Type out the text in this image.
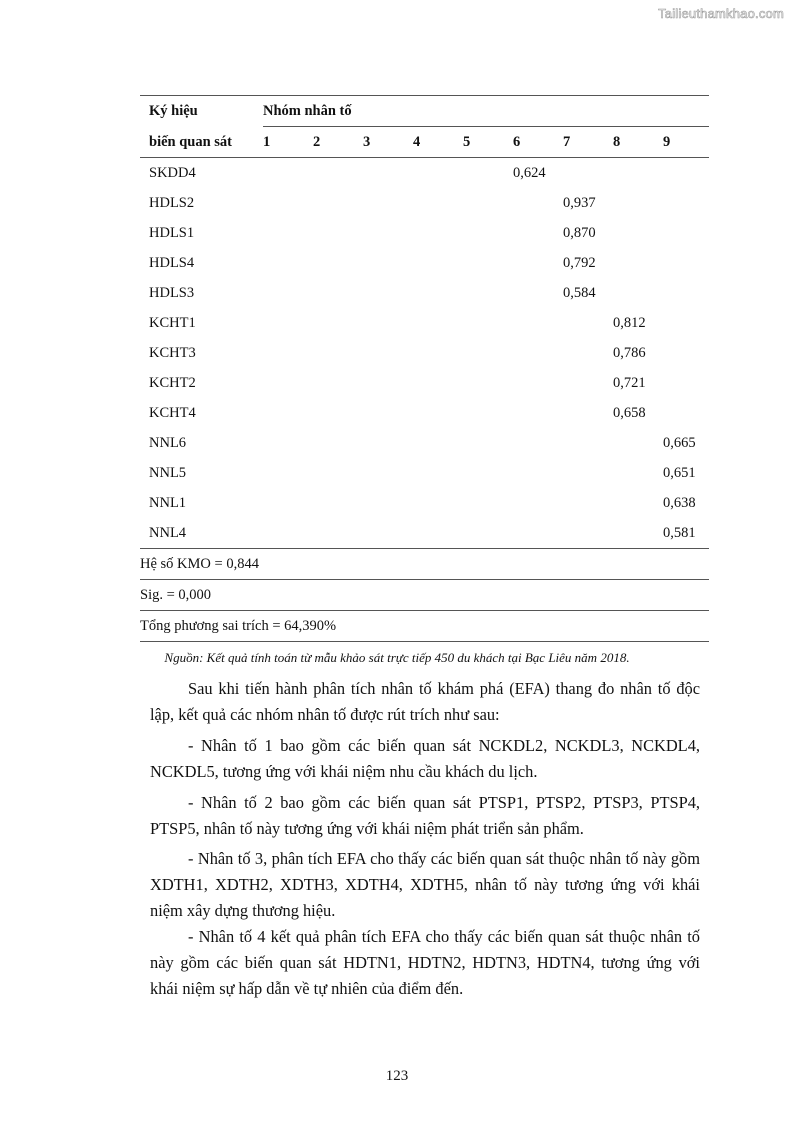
Tailieuthamkhao.com
Ký hiệu	Nhóm nhân tố								
biến quan sát	1	2	3	4	5	6	7	8	9
SKDD4						0,624			
HDLS2							0,937		
HDLS1							0,870		
HDLS4							0,792		
HDLS3							0,584		
KCHT1								0,812	
KCHT3								0,786	
KCHT2								0,721	
KCHT4								0,658	
NNL6									0,665
NNL5									0,651
NNL1									0,638
NNL4									0,581
Hệ số KMO = 0,844									
Sig. = 0,000									
Tổng phương sai trích = 64,390%									
Nguồn: Kết quả tính toán từ mẫu khảo sát trực tiếp 450 du khách tại Bạc Liêu năm 2018.

Sau khi tiến hành phân tích nhân tố khám phá (EFA) thang đo nhân tố độc lập, kết quả các nhóm nhân tố được rút trích như sau:

- Nhân tố 1 bao gồm các biến quan sát NCKDL2, NCKDL3, NCKDL4, NCKDL5, tương ứng với khái niệm nhu cầu khách du lịch.

- Nhân tố 2 bao gồm các biến quan sát PTSP1, PTSP2, PTSP3, PTSP4, PTSP5, nhân tố này tương ứng với khái niệm phát triển sản phẩm.

- Nhân tố 3, phân tích EFA cho thấy các biến quan sát thuộc nhân tố này gồm XDTH1, XDTH2, XDTH3, XDTH4, XDTH5, nhân tố này tương ứng với khái niệm xây dựng thương hiệu.

- Nhân tố 4 kết quả phân tích EFA cho thấy các biến quan sát thuộc nhân tố này gồm các biến quan sát HDTN1, HDTN2, HDTN3, HDTN4, tương ứng với khái niệm sự hấp dẫn về tự nhiên của điểm đến.

123
